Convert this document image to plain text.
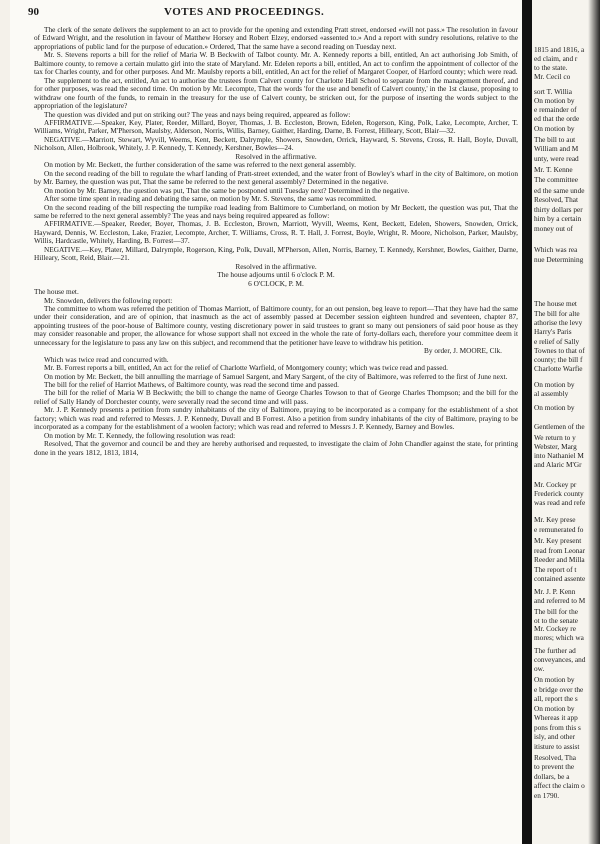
90	VOTES AND PROCEEDINGS.

The clerk of the senate delivers the supplement to an act to provide for the opening and extending Pratt street, endorsed «will not pass.» The resolution in favour of Edward Wright, and the resolution in favour of Matthew Horsey and Robert Elzey, endorsed «assented to.» And a report with sundry resolutions, relative to the appropriations of public land for the purpose of education.» Ordered, That the same have a second reading on Tuesday next.

Mr. S. Stevens reports a bill for the relief of Maria W. B Beckwith of Talbot county. Mr. A. Kennedy reports a bill, entitled, An act authorising Job Smith, of Baltimore county, to remove a certain mulatto girl into the state of Maryland. Mr. Edelen reports a bill, entitled, An act to confirm the appointment of collector of the tax for Charles county, and for other purposes. And Mr. Maulsby reports a bill, entitled, An act for the relief of Margaret Cooper, of Harford county; which were read.

The supplement to the act, entitled, An act to authorise the trustees from Calvert county for Charlotte Hall School to separate from the management thereof, and for other purposes, was read the second time. On motion by Mr. Lecompte, That the words 'for the use and benefit of Calvert county,' in the 1st clause, proposing to withdraw one fourth of the funds, to remain in the treasury for the use of Calvert county, be stricken out, for the purpose of inserting the words subject to the appropriation of the legislature?

The question was divided and put on striking out? The yeas and nays being required, appeared as follow:

AFFIRMATIVE.—Speaker, Key, Plater, Reeder, Millard, Boyer, Thomas, J. B. Eccleston, Brown, Edelen, Rogerson, King, Polk, Lake, Lecompte, Archer, T. Williams, Wright, Parker, M'Pherson, Maulsby, Alderson, Norris, Willis, Barney, Gaither, Harding, Darne, B. Forrest, Hilleary, Scott, Blair—32.

NEGATIVE.—Marriott, Stewart, Wyvill, Weems, Kent, Beckett, Dalrymple, Showers, Snowden, Orrick, Hayward, S. Stevens, Cross, R. Hall, Boyle, Duvall, Nicholson, Allen, Holbrook, Whitely, J. P. Kennedy, T. Kennedy, Kershner, Bowles—24.

Resolved in the affirmative.

On motion by Mr. Beckett, the further consideration of the same was referred to the next general assembly.

On the second reading of the bill to regulate the wharf landing of Pratt-street extended, and the water front of Bowley's wharf in the city of Baltimore, on motion by Mr. Barney, the question was put, That the same be referred to the next general assembly? Determined in the negative.

On motion by Mr. Barney, the question was put, That the same be postponed until Tuesday next? Determined in the negative.

After some time spent in reading and debating the same, on motion by Mr. S. Stevens, the same was recommitted.

On the second reading of the bill respecting the turnpike road leading from Baltimore to Cumberland, on motion by Mr Beckett, the question was put, That the same be referred to the next general assembly? The yeas and nays being required appeared as follow:

AFFIRMATIVE.—Speaker, Reeder, Boyer, Thomas, J. B. Eccleston, Brown, Marriott, Wyvill, Weems, Kent, Beckett, Edelen, Showers, Snowden, Orrick, Hayward, Dennis, W. Eccleston, Lake, Frazier, Lecompte, Archer, T. Williams, Cross, R. T. Hall, J. Forrest, Boyle, Wright, R. Moore, Nicholson, Parker, Maulsby, Willis, Hardcastle, Whitely, Harding, B. Forrest—37.

NEGATIVE.—Key, Plater, Millard, Dalrymple, Rogerson, King, Polk, Duvall, M'Pherson, Allen, Norris, Barney, T. Kennedy, Kershner, Bowles, Gaither, Darne, Hilleary, Scott, Reid, Blair.—21.

Resolved in the affirmative.

The house adjourns until 6 o'clock P. M.

6 O'CLOCK, P. M.

The house met.

Mr. Snowden, delivers the following report:

The committee to whom was referred the petition of Thomas Marriott, of Baltimore county, for an out pension, beg leave to report—That they have had the same under their consideration, and are of opinion, that inasmuch as the act of assembly passed at December session eighteen hundred and seventeen, chapter 87, appointing trustees of the poor-house of Baltimore county, vesting discretionary power in said trustees to grant so many out pensioners of said poor house as they may consider reasonable and proper, the allowance for whose support shall not exceed in the whole the rate of forty-dollars each, therefore your committee deem it unnecessary for the legislature to pass any law on this subject, and recommend that the petitioner have leave to withdraw his petition.

By order, J. MOORE, Clk.

Which was twice read and concurred with.

Mr. B. Forrest reports a bill, entitled, An act for the relief of Charlotte Warfield, of Montgomery county; which was twice read and passed.

On motion by Mr. Beckett, the bill annulling the marriage of Samuel Sargent, and Mary Sargent, of the city of Baltimore, was referred to the first of June next.

The bill for the relief of Harriot Mathews, of Baltimore county, was read the second time and passed.

The bill for the relief of Maria W B Beckwith; the bill to change the name of George Charles Towson to that of George Charles Thompson; and the bill for the relief of Sally Handy of Dorchester county, were severally read the second time and will pass.

Mr. J. P. Kennedy presents a petition from sundry inhabitants of the city of Baltimore, praying to be incorporated as a company for the establishment of a shot factory; which was read and referred to Messrs. J. P. Kennedy, Duvall and B Forrest. Also a petition from sundry inhabitants of the city of Baltimore, praying to be incorporated as a company for the establishment of a woolen factory; which was read and referred to Messrs J. P. Kennedy, Barney and Bowles.

On motion by Mr. T. Kennedy, the following resolution was read:

Resolved, That the governor and council be and they are hereby authorised and requested, to investigate the claim of John Chandler against the state, for printing done in the years 1812, 1813, 1814,

1815 and 1816, a
ed claim, and r
to the state.
Mr. Cecil co
sort T. Willia
On motion by
e remainder of
ed that the orde
On motion by
The bill to aut
William and M
unty, were read
Mr. T. Kenne
The committee
ed the same unde
Resolved, That
thirty dollars per
him by a certain
money out of
Which was rea
nue Determining
The house met
The bill for alte
athorise the levy
Harry's Paris
e relief of Sally
Townes to that of
county; the bill f
Charlotte Warfie
On motion by
al assembly
On motion by
Gentlemen of the
We return to y
Webster, Marg
into Nathaniel M
and Alaric M'Gr
Mr. Cockey pr
Frederick county
was read and refe
Mr. Key prese
e remunerated fo
Mr. Key present
read from Leonar
Reeder and Milla
The report of t
contained assente
Mr. J. P. Kenn
and referred to M
The bill for the
ot to the senate
Mr. Cockey re
mores; which wa
The further ad
conveyances, and
ow.
On motion by
e bridge over the
all, report the s
On motion by
Whereas it app
pons from this s
isly, and other
itisture to assist
Resolved, Tha
to prevent the
dollars, be a
affect the claim o
en 1790.
